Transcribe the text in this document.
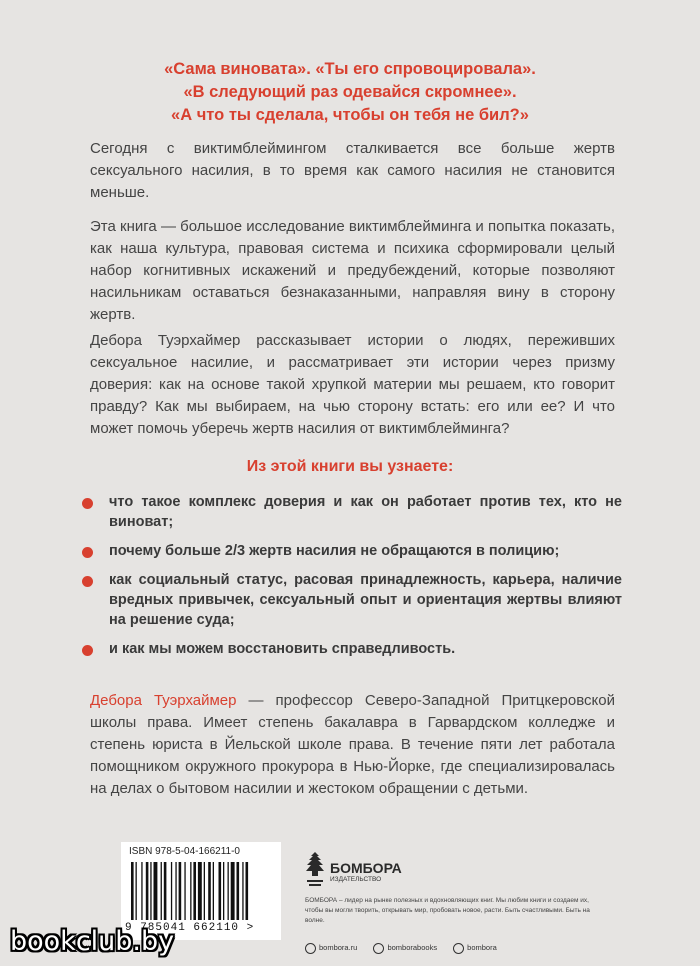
«Сама виновата». «Ты его спровоцировала».
«В следующий раз одевайся скромнее».
«А что ты сделала, чтобы он тебя не бил?»
Сегодня с виктимблеймингом сталкивается все больше жертв сексуального насилия, в то время как самого насилия не становится меньше.
Эта книга — большое исследование виктимблейминга и попытка показать, как наша культура, правовая система и психика сформировали целый набор когнитивных искажений и предубеждений, которые позволяют насильникам оставаться безнаказанными, направляя вину в сторону жертв.
Дебора Туэрхаймер рассказывает истории о людях, переживших сексуальное насилие, и рассматривает эти истории через призму доверия: как на основе такой хрупкой материи мы решаем, кто говорит правду? Как мы выбираем, на чью сторону встать: его или ее? И что может помочь уберечь жертв насилия от виктимблейминга?
Из этой книги вы узнаете:
что такое комплекс доверия и как он работает против тех, кто не виноват;
почему больше 2/3 жертв насилия не обращаются в полицию;
как социальный статус, расовая принадлежность, карьера, наличие вредных привычек, сексуальный опыт и ориентация жертвы влияют на решение суда;
и как мы можем восстановить справедливость.
Дебора Туэрхаймер — профессор Северо-Западной Притцкеровской школы права. Имеет степень бакалавра в Гарвардском колледже и степень юриста в Йельской школе права. В течение пяти лет работала помощником окружного прокурора в Нью-Йорке, где специализировалась на делах о бытовом насилии и жестоком обращении с детьми.
ISBN 978-5-04-166211-0
9 785041 662110 >
БОМБОРА
ИЗДАТЕЛЬСТВО
БОМБОРА – лидер на рынке полезных и вдохновляющих книг. Мы любим книги и создаем их, чтобы вы могли творить, открывать мир, пробовать новое, расти. Быть счастливыми. Быть на волне.
bombora.ru	bomborabooks	bombora
bookclub.by
